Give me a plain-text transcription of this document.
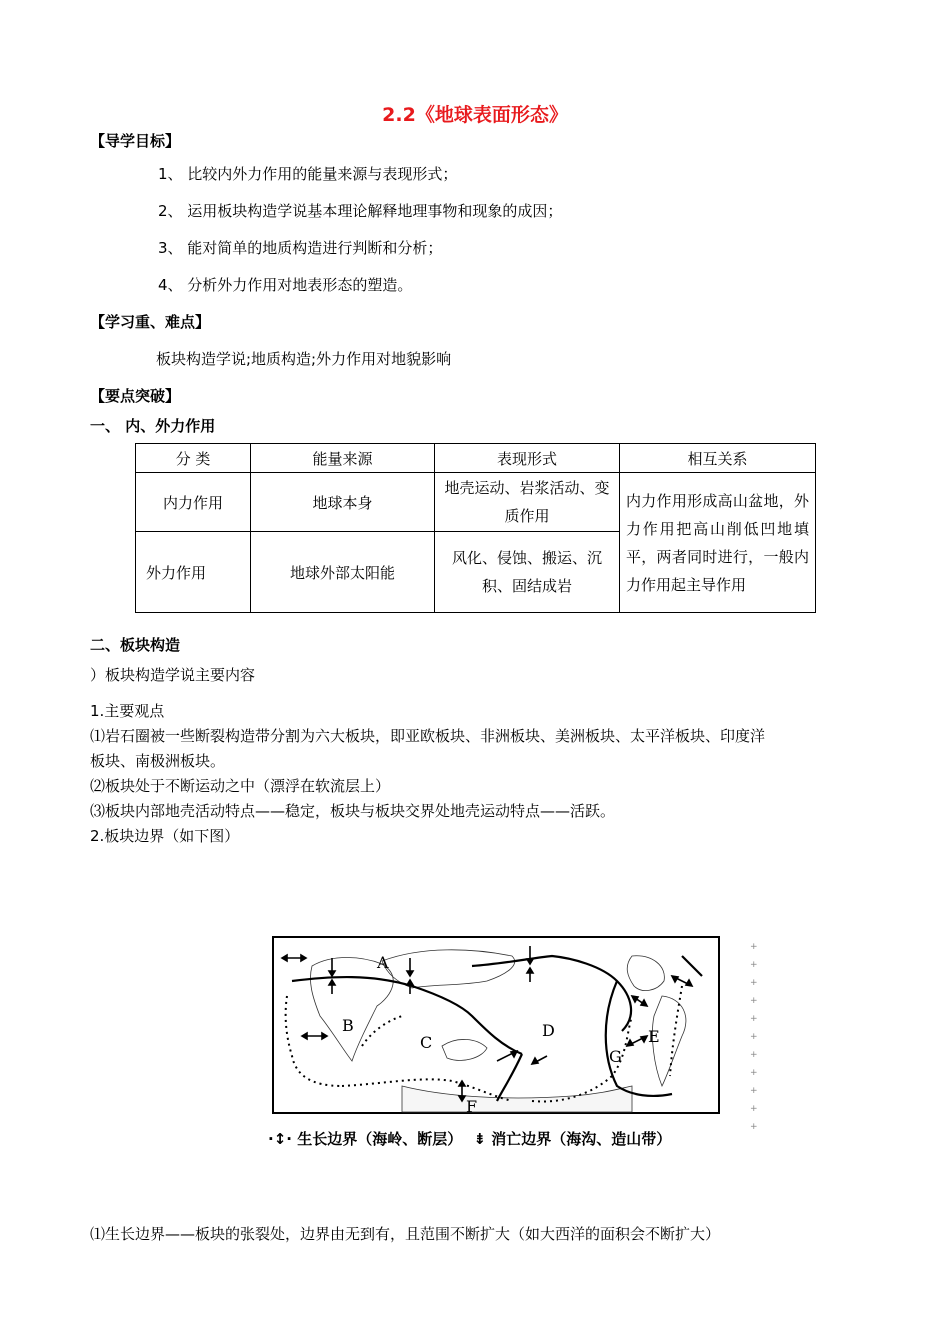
2.2《地球表面形态》
【导学目标】
1、 比较内外力作用的能量来源与表现形式；
2、 运用板块构造学说基本理论解释地理事物和现象的成因；
3、 能对简单的地质构造进行判断和分析；
4、 分析外力作用对地表形态的塑造。
【学习重、难点】
板块构造学说;地质构造;外力作用对地貌影响
【要点突破】
一、 内、外力作用
分 类	能量来源	表现形式	相互关系
内力作用	地球本身	地壳运动、岩浆活动、变质作用	内力作用形成高山盆地，外力作用把高山削低凹地填平，两者同时进行，一般内力作用起主导作用
外力作用	地球外部太阳能	风化、侵蚀、搬运、沉积、固结成岩	
二、板块构造
）板块构造学说主要内容
1.主要观点
⑴岩石圈被一些断裂构造带分割为六大板块，即亚欧板块、非洲板块、美洲板块、太平洋板块、印度洋
板块、南极洲板块。
⑵板块处于不断运动之中（漂浮在软流层上）
⑶板块内部地壳活动特点——稳定，板块与板块交界处地壳运动特点——活跃。
2.板块边界（如下图）
A
B
C
D	E
F
G
+
+
+
+
+
+
+
+
+
+
+
·↕· 生长边界（海岭、断层） ⇟ 消亡边界（海沟、造山带）
⑴生长边界——板块的张裂处，边界由无到有，且范围不断扩大（如大西洋的面积会不断扩大）
